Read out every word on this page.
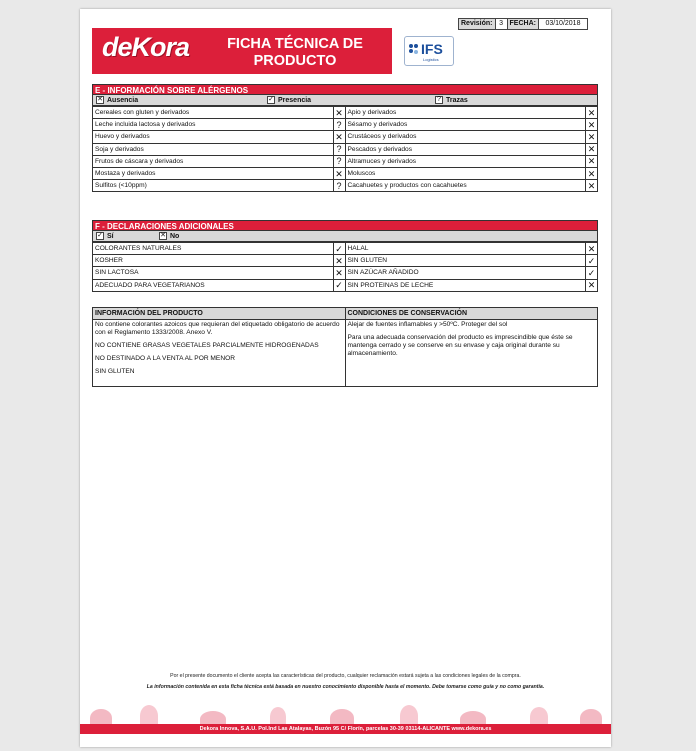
deKora	FICHA TÉCNICA DE
PRODUCTO
IFS
Logistics
Revisión: 3 FECHA:	03/10/2018
E - INFORMACIÓN SOBRE ALÉRGENOS
✕ Ausencia	✓ Presencia	? Trazas
Cereales con gluten y derivados	✕	Apio y derivados	✕
Leche incluida lactosa y derivados	?	Sésamo y derivados	✕
Huevo y derivados	✕	Crustáceos y derivados	✕
Soja y derivados	?	Pescados y derivados	✕
Frutos de cáscara y derivados	?	Altramuces y derivados	✕
Mostaza y derivados	✕	Moluscos	✕
Sulfitos (<10ppm)	?	Cacahuetes y productos con cacahuetes	✕
F - DECLARACIONES ADICIONALES
✓ Sí	✕ No
COLORANTES NATURALES	✓	HALAL	✕
KOSHER	✕	SIN GLUTEN	✓
SIN LACTOSA	✕	SIN AZÚCAR AÑADIDO	✓
ADECUADO PARA VEGETARIANOS	✓	SIN PROTEINAS DE LECHE	✕
INFORMACIÓN DEL PRODUCTO

No contiene colorantes azoicos que requieran del etiquetado obligatorio de acuerdo con el Reglamento 1333/2008. Anexo V.

NO CONTIENE GRASAS VEGETALES PARCIALMENTE HIDROGENADAS

NO DESTINADO A LA VENTA AL POR MENOR

SIN GLUTEN

CONDICIONES DE CONSERVACIÓN

Alejar de fuentes inflamables y >50ºC. Proteger del sol

Para una adecuada conservación del producto es imprescindible que éste se mantenga cerrado y se conserve en su envase y caja original durante su almacenamiento.

Por el presente documento el cliente acepta las características del producto, cualquier reclamación estará sujeta a las condiciones legales de la compra.
La información contenida en esta ficha técnica está basada en nuestro conocimiento disponible hasta el momento. Debe tomarse como guía y no como garantía.
Dekora Innova, S.A.U. Pol.Ind Las Atalayas, Buzón 95 C/ Florín, parcelas 30-39 03114-ALICANTE www.dekora.es
